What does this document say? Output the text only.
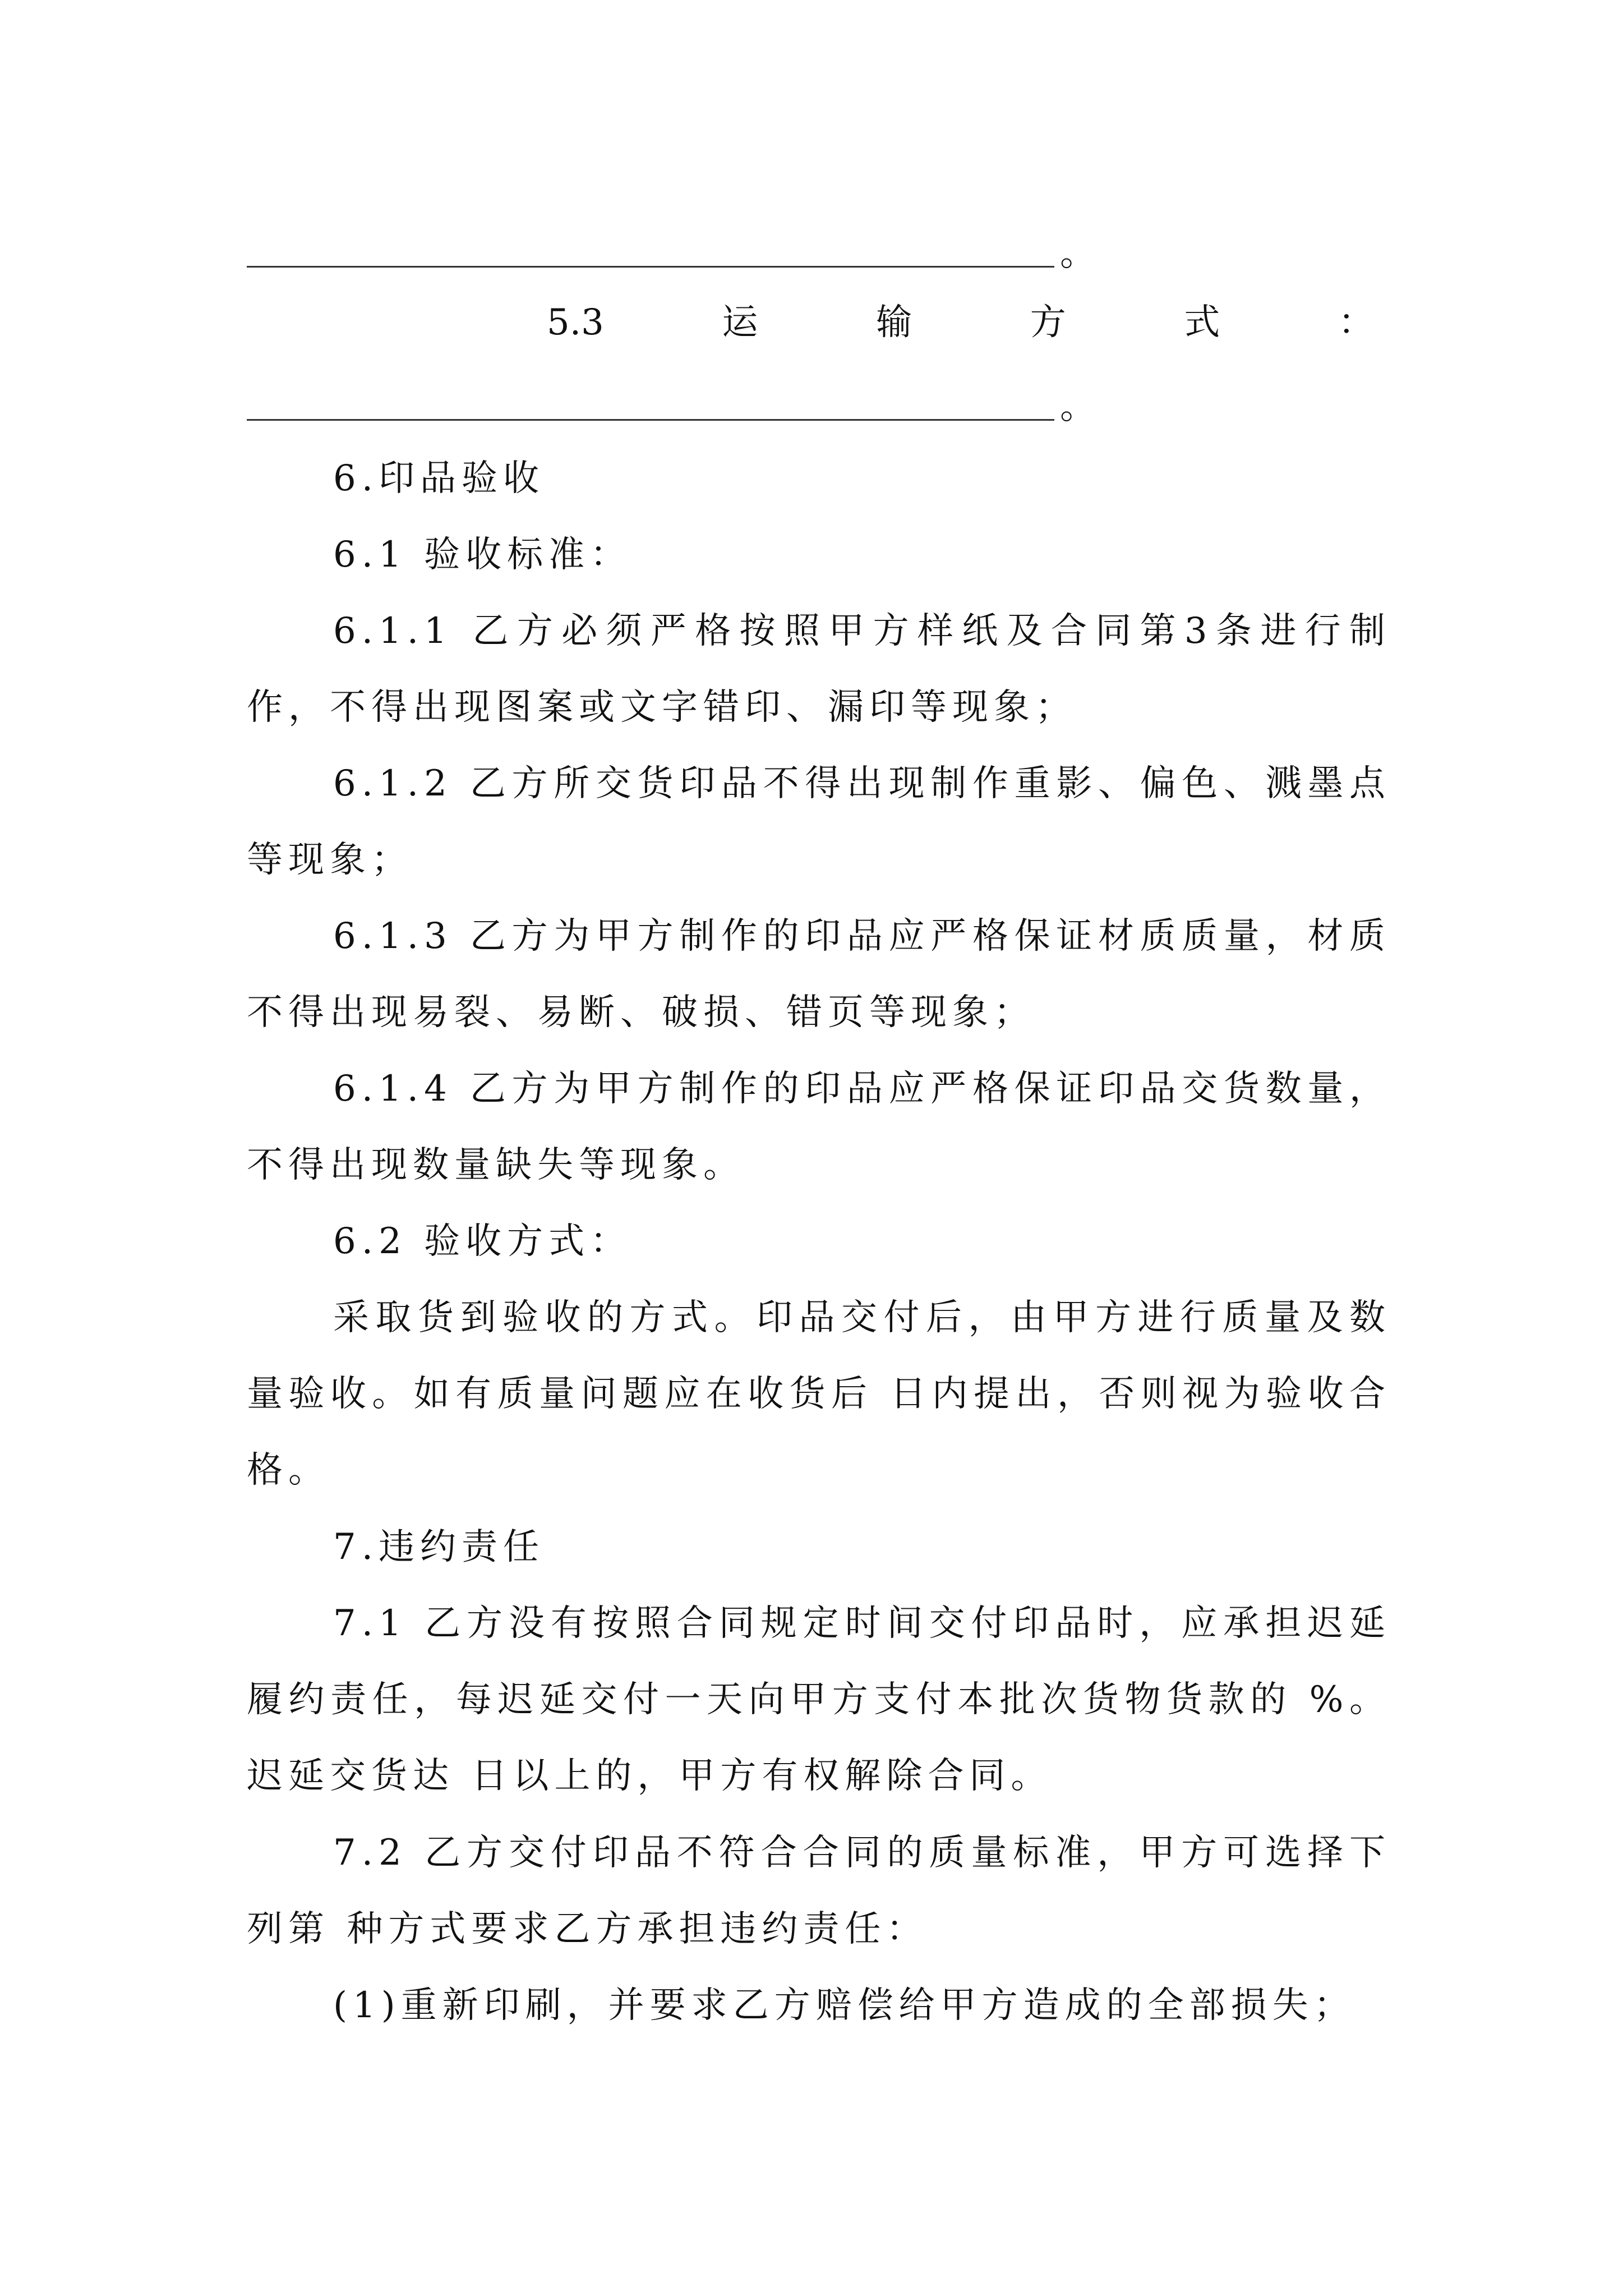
。
5.3	运	输	方	式	：
。
6.印品验收
6.1 验收标准：
6.1.1 乙方必须严格按照甲方样纸及合同第3条进行制作，不得出现图案或文字错印、漏印等现象；
6.1.2 乙方所交货印品不得出现制作重影、偏色、溅墨点等现象；
6.1.3 乙方为甲方制作的印品应严格保证材质质量，材质不得出现易裂、易断、破损、错页等现象；
6.1.4 乙方为甲方制作的印品应严格保证印品交货数量，不得出现数量缺失等现象。
6.2 验收方式：
采取货到验收的方式。印品交付后，由甲方进行质量及数量验收。如有质量问题应在收货后 日内提出，否则视为验收合格。
7.违约责任
7.1 乙方没有按照合同规定时间交付印品时，应承担迟延履约责任，每迟延交付一天向甲方支付本批次货物货款的 %。迟延交货达 日以上的，甲方有权解除合同。
7.2 乙方交付印品不符合合同的质量标准，甲方可选择下列第 种方式要求乙方承担违约责任：
(1)重新印刷，并要求乙方赔偿给甲方造成的全部损失；
